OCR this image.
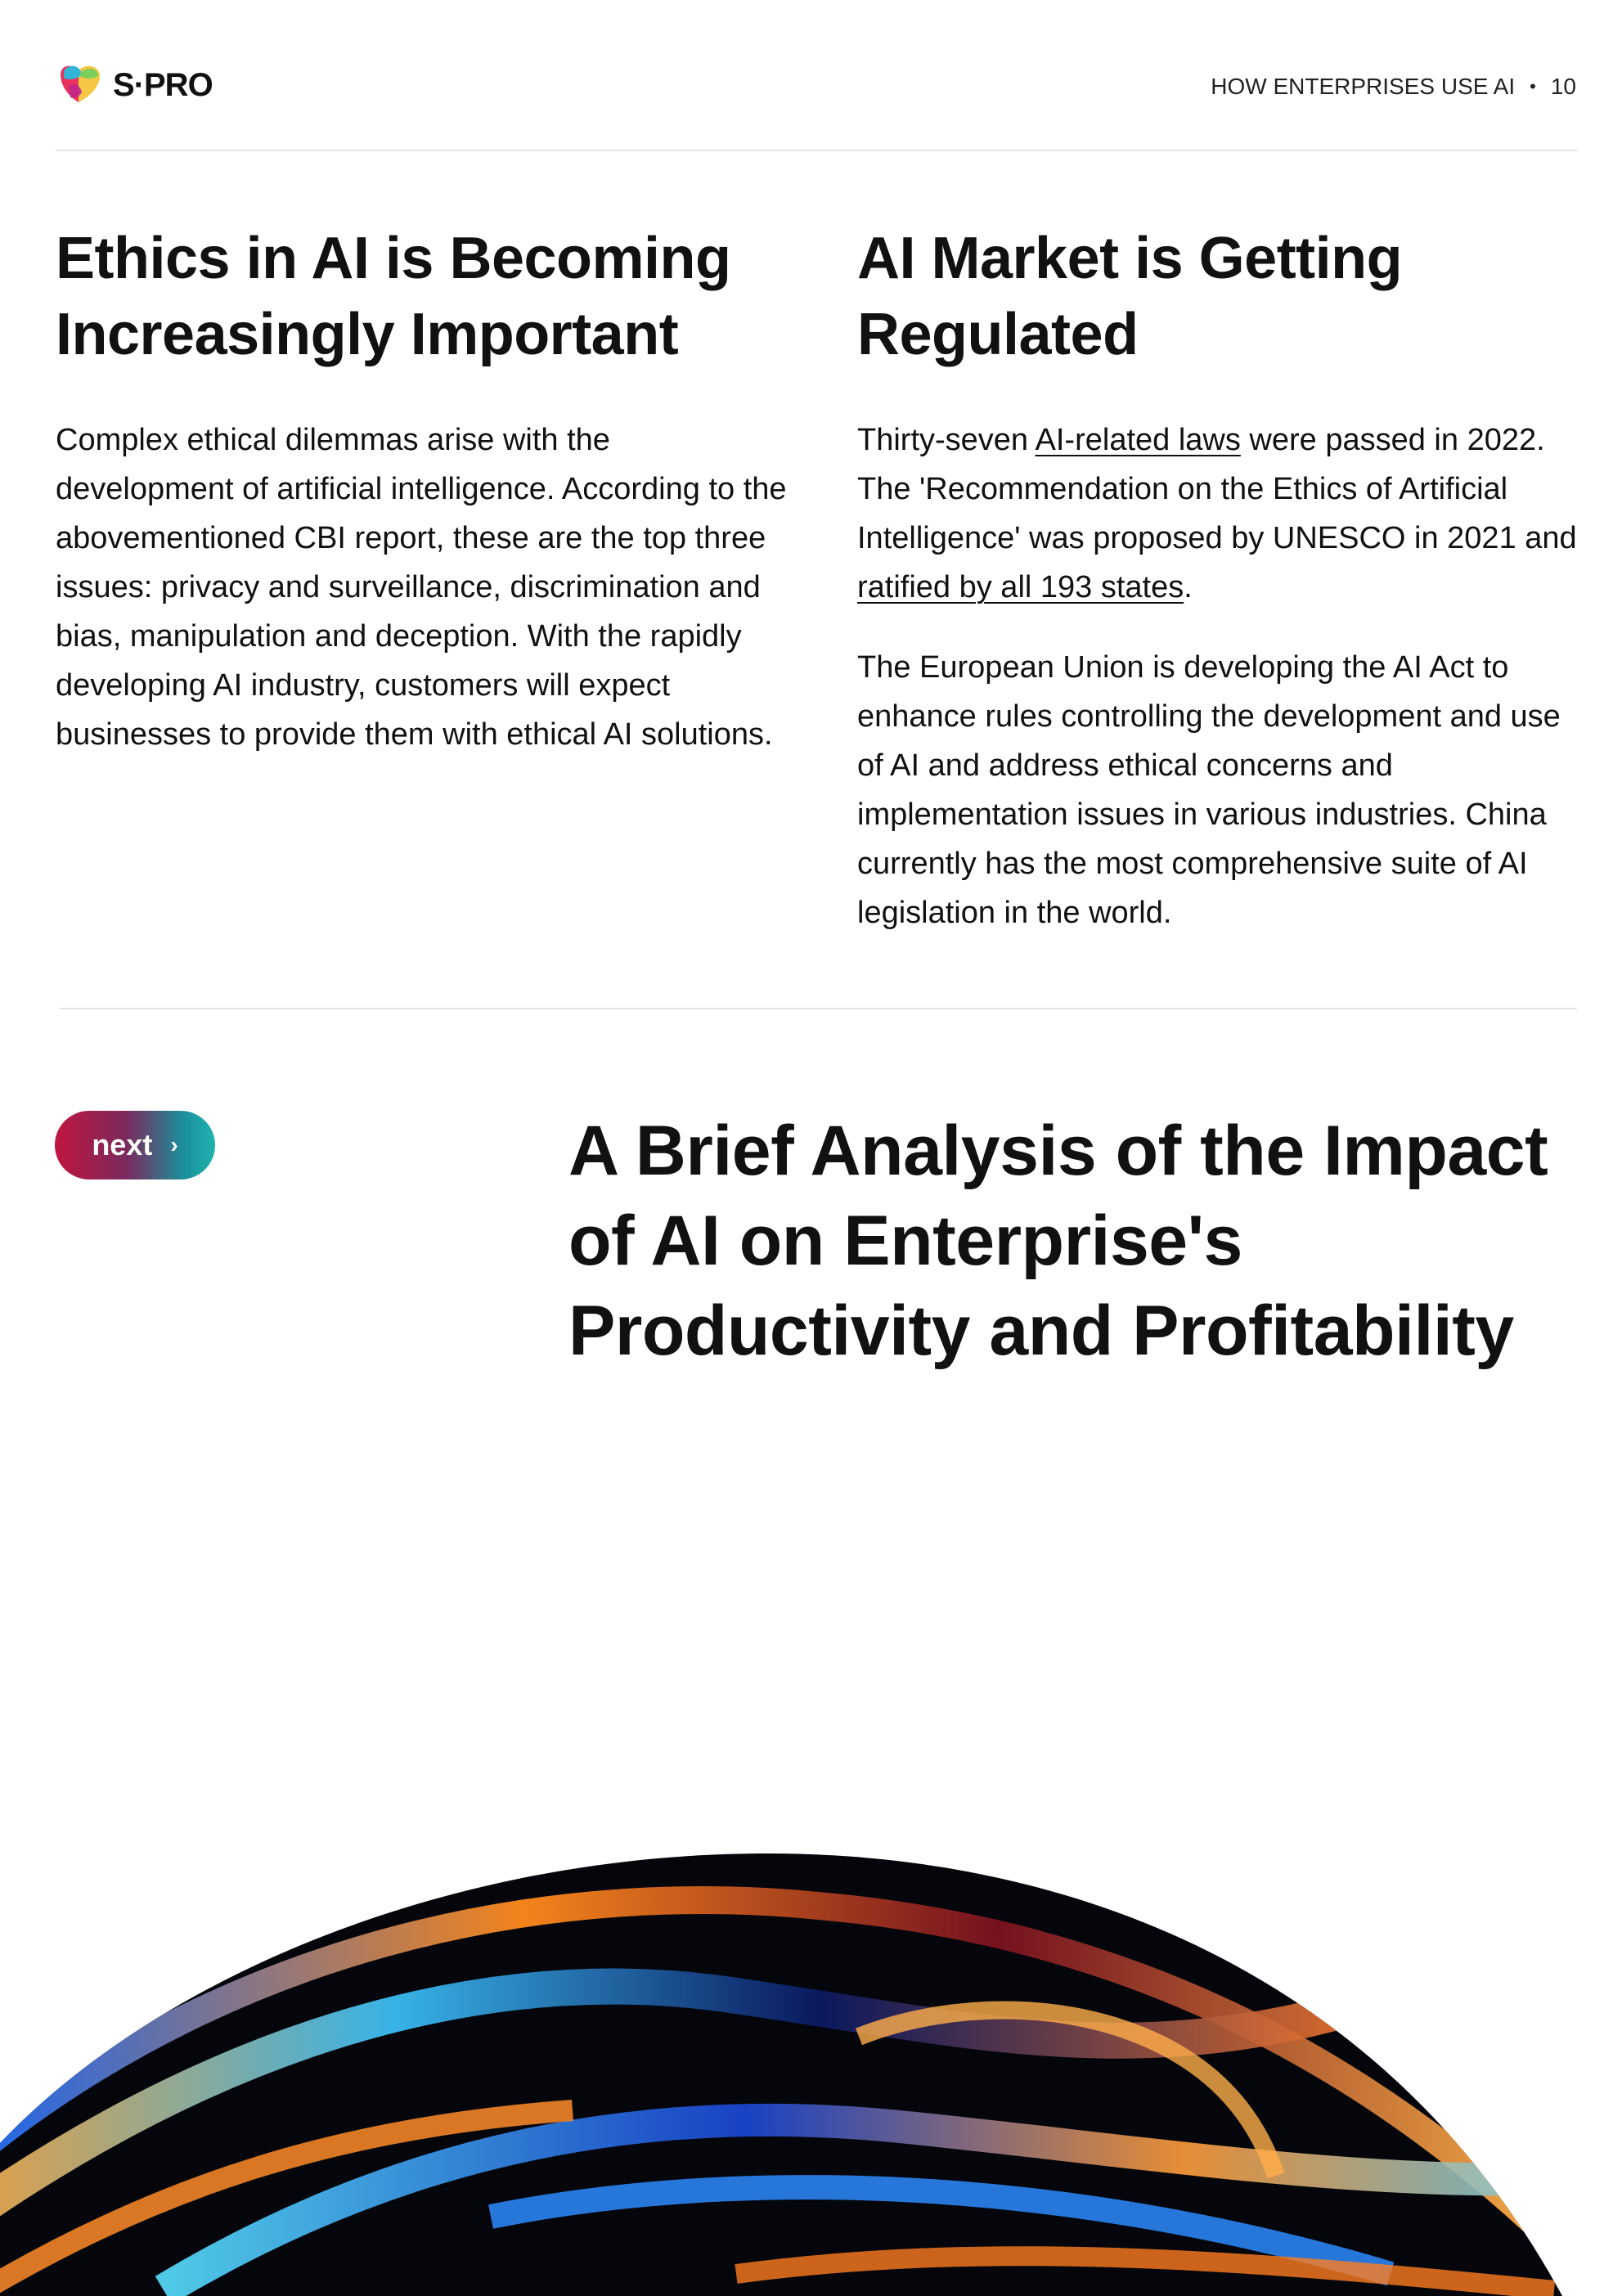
S·PRO	HOW ENTERPRISES USE AI • 10
Ethics in AI is Becoming Increasingly Important

Complex ethical dilemmas arise with the development of artificial intelligence. According to the abovementioned CBI report, these are the top three issues: privacy and surveillance, discrimination and bias, manipulation and deception. With the rapidly developing AI industry, customers will expect businesses to provide them with ethical AI solutions.

AI Market is Getting Regulated

Thirty-seven AI-related laws were passed in 2022. The 'Recommendation on the Ethics of Artificial Intelligence' was proposed by UNESCO in 2021 and ratified by all 193 states.

The European Union is developing the AI Act to enhance rules controlling the development and use of AI and address ethical concerns and implementation issues in various industries. China currently has the most comprehensive suite of AI legislation in the world.

next ›	A Brief Analysis of the Impact of AI on Enterprise's Productivity and Profitability
